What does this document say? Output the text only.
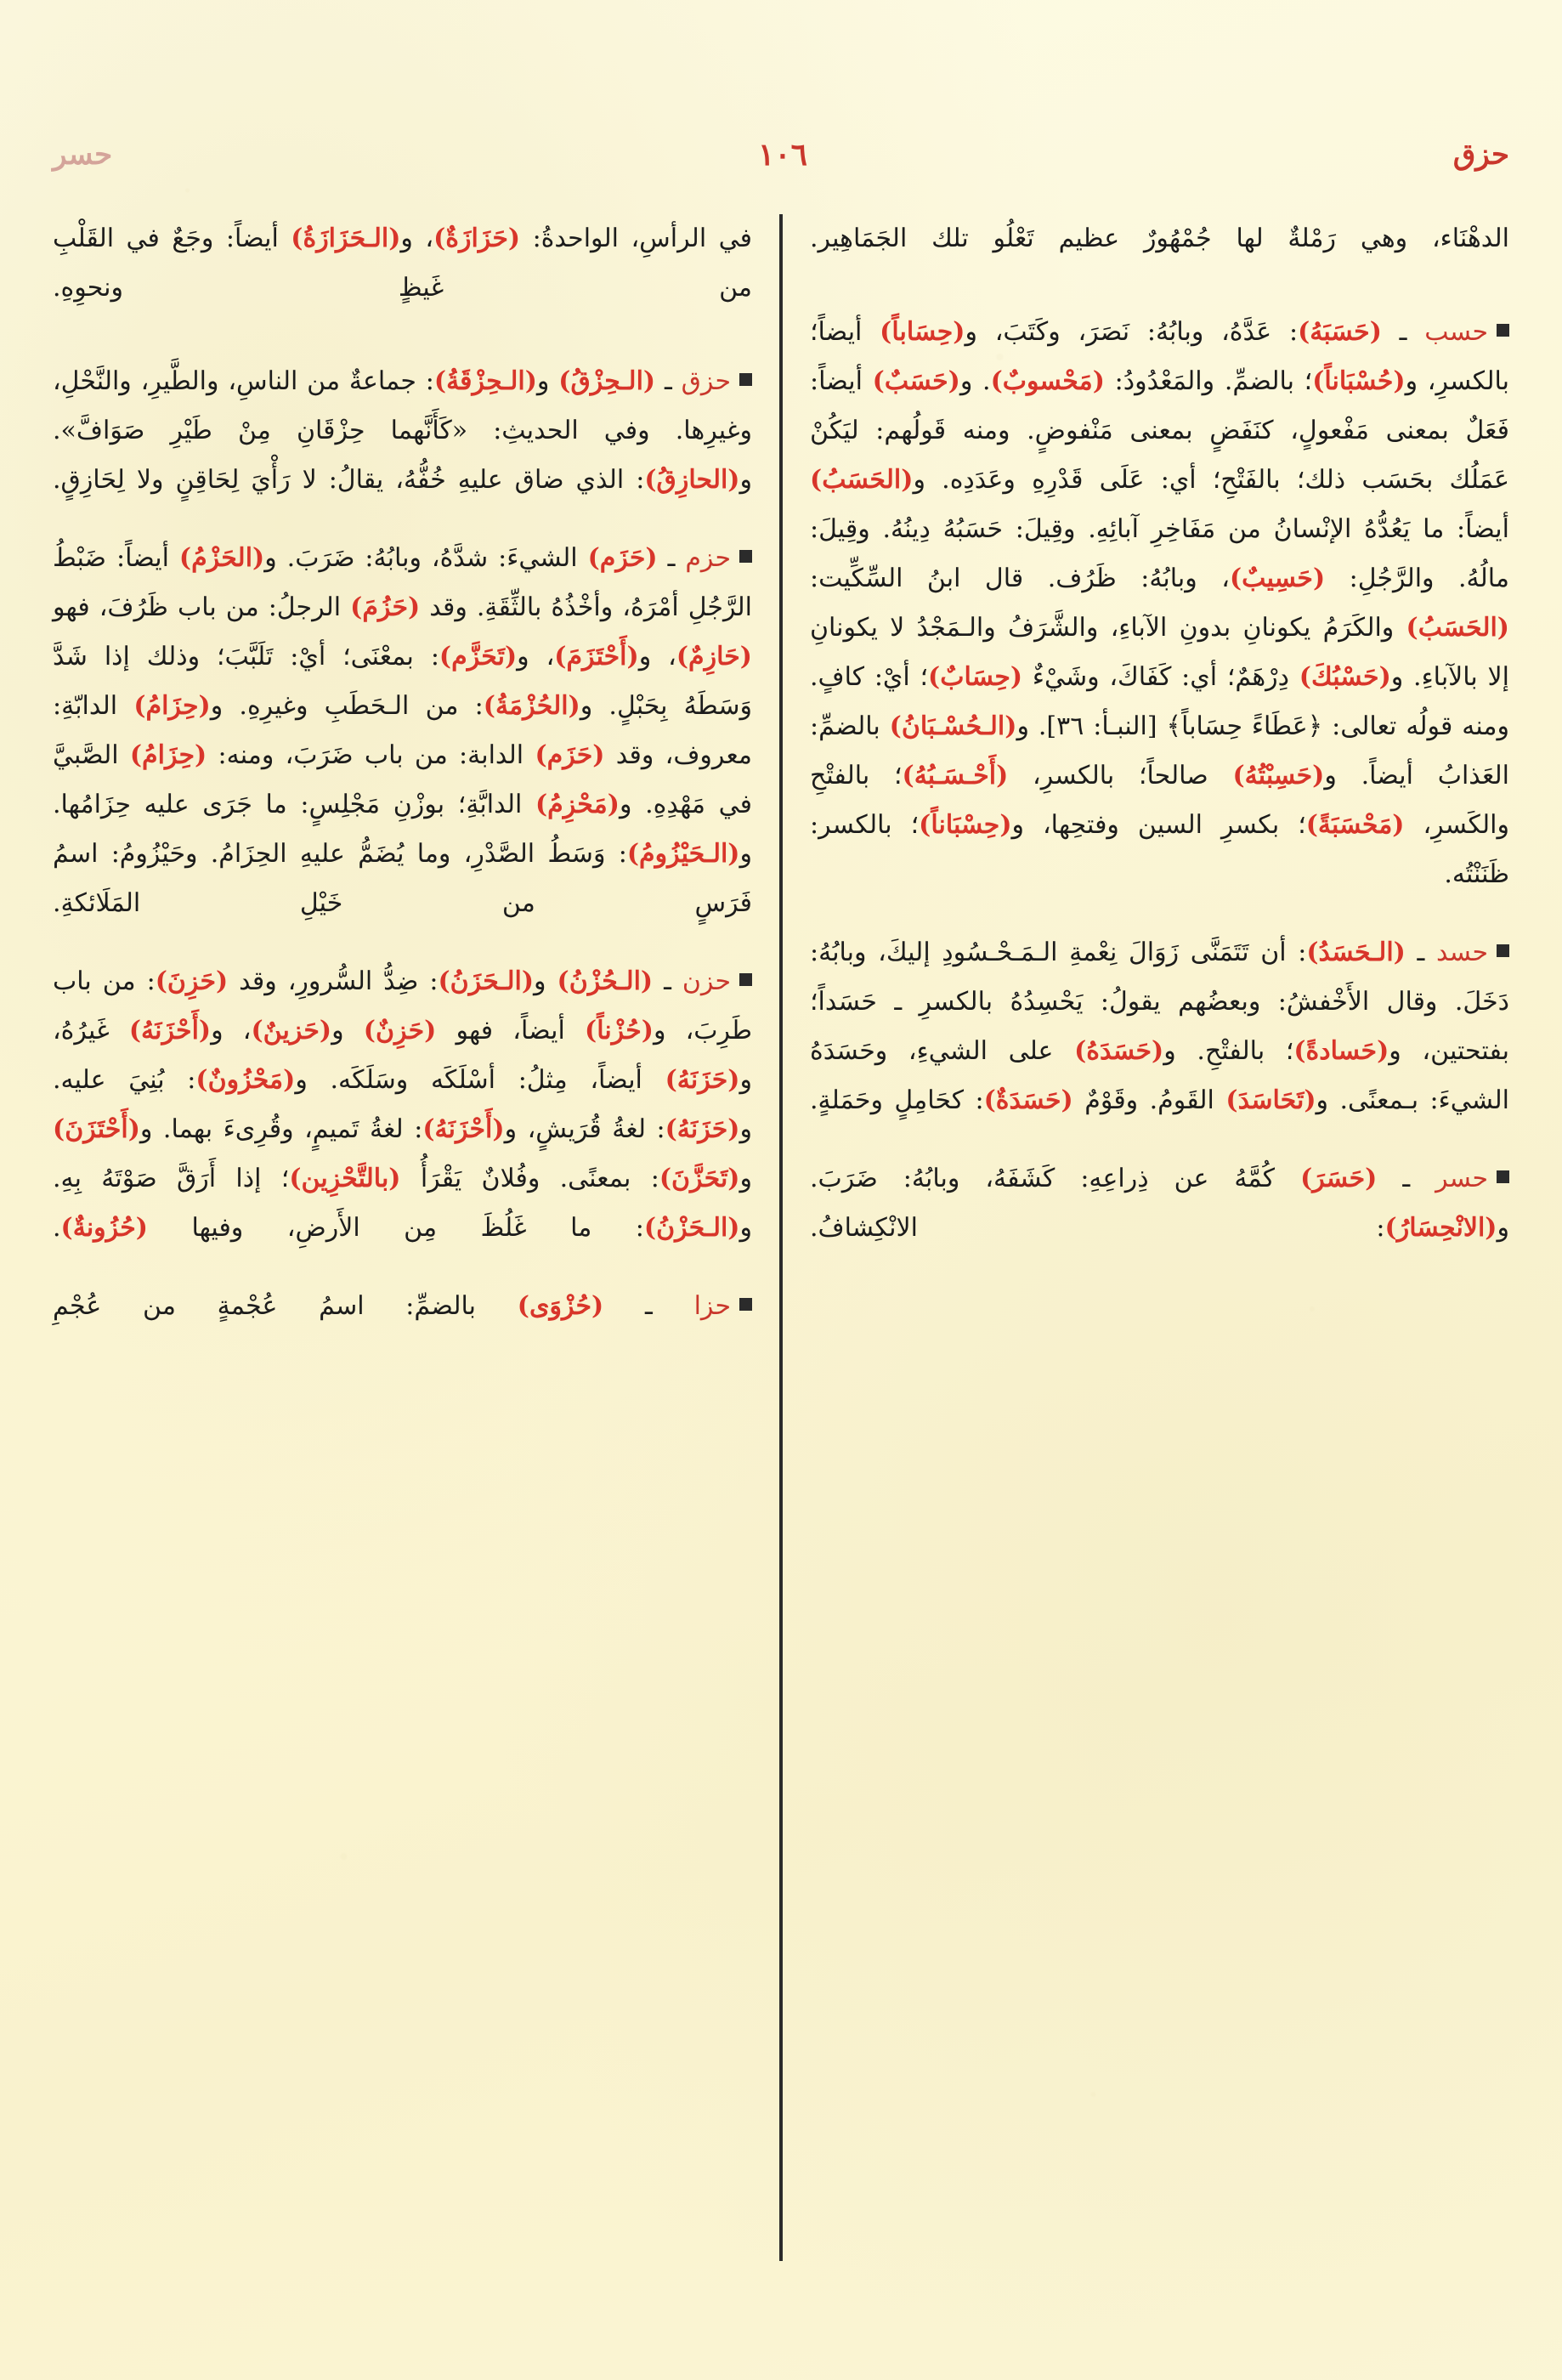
حزق
١٠٦
حسر

في الرأسِ، الواحدةُ: (حَزَازَةٌ)، و(الـحَزَازَةُ) أيضاً: وجَعٌ في القَلْبِ من غَيظٍ ونحوِهِ.

حزق ـ (الـحِزْقُ) و(الـحِزْقَةُ): جماعةٌ من الناسِ، والطَّيرِ، والنَّحْلِ، وغيرِها. وفي الحديثِ: «كَأَنَّهما حِزْقَانِ مِنْ طَيْرِ صَوَافَّ». و(الحازِقُ): الذي ضاق عليهِ خُفُّهُ، يقالُ: لا رَأْيَ لِحَاقِنٍ ولا لِحَازِقٍ.

حزم ـ (حَزَم) الشيءَ: شدَّهُ، وبابُهُ: ضَرَبَ. و(الحَزْمُ) أيضاً: ضَبْطُ الرَّجُلِ أمْرَهُ، وأخْذُهُ بالثِّقَةِ. وقد (حَزُمَ) الرجلُ: من باب ظَرُفَ، فهو (حَازِمٌ)، و(أَحْتَزَمَ)، و(تَحَزَّم): بمعْنَى؛ أيْ: تَلَبَّبَ؛ وذلك إذا شَدَّ وَسَطَهُ بِحَبْلٍ. و(الحُزْمَةُ): من الـحَطَبِ وغيرِهِ. و(حِزَامُ) الدابّةِ: معروف، وقد (حَزَم) الدابة: من باب ضَرَبَ، ومنه: (حِزَامُ) الصَّبيَّ في مَهْدِهِ. و(مَحْزِمُ) الدابَّةِ؛ بوزْنِ مَجْلِسٍ: ما جَرَى عليه حِزَامُها. و(الـحَيْزُومُ): وَسَطُ الصَّدْرِ، وما يُضَمُّ عليهِ الحِزَامُ. وحَيْزُومُ: اسمُ فَرَسٍ من خَيْلِ المَلَائكةِ.

حزن ـ (الـحُزْنُ) و(الـحَزَنُ): ضِدُّ السُّرورِ، وقد (حَزِنَ): من باب طَرِبَ، و(حُزْناً) أيضاً، فهو (حَزِنٌ) و(حَزينٌ)، و(أَحْزَنَهُ) غَيرُهُ، و(حَزَنَهُ) أيضاً، مِثلُ: أسْلَكَه وسَلَكَه. و(مَحْزُونٌ): بُنِيَ عليه. و(حَزَنَهُ): لغةُ قُرَيشٍ، و(أَحْزَنَهُ): لغةُ تَميمٍ، وقُرِىءَ بهما. و(أَحْتَزَنَ) و(تَحَزَّنَ): بمعنًى. وفُلانٌ يَقْرَأُ (بالتَّحْزِين)؛ إذا أَرَقَّ صَوْتَهُ بِهِ. و(الـحَزْنُ): ما غَلُظَ مِن الأَرضِ، وفيها (حُزُونةٌ).

حزا ـ (حُزْوَى) بالضمِّ: اسمُ عُجْمةٍ من عُجْمِ

الدهْنَاء، وهي رَمْلةٌ لها جُمْهُورٌ عظيم تَعْلُو تلك الجَمَاهِير.

حسب ـ (حَسَبَهُ): عَدَّهُ، وبابُهُ: نَصَرَ، وكَتَبَ، و(حِسَاباً) أيضاً؛ بالكسرِ، و(حُسْبَاناً)؛ بالضمِّ. والمَعْدُودُ: (مَحْسوبٌ). و(حَسَبٌ) أيضاً: فَعَلٌ بمعنى مَفْعولٍ، كنَفَضٍ بمعنى مَنْفوضٍ. ومنه قَولُهم: ليَكُنْ عَمَلُك بحَسَب ذلك؛ بالفَتْحِ؛ أي: عَلَى قَدْرِهِ وعَدَدِه. و(الحَسَبُ) أيضاً: ما يَعُدُّهُ الإنْسانُ من مَفَاخِرِ آبائِهِ. وقِيلَ: حَسَبُهُ دِينُهُ. وقِيلَ: مالُهُ. والرَّجُلِ: (حَسِيبٌ)، وبابُهُ: ظَرُف. قال ابنُ السِّكِّيت: (الحَسَبُ) والكَرَمُ يكونانِ بدونِ الآباءِ، والشَّرَفُ والـمَجْدُ لا يكونانِ إلا بالآباءِ. و(حَسْبُكَ) دِرْهَمٌ؛ أي: كَفَاكَ، وشَيْءٌ (حِسَابٌ)؛ أيْ: كافٍ. ومنه قولُه تعالى: ﴿عَطَاءً حِسَاباً﴾ [النبـأ: ٣٦]. و(الـحُسْـبَانُ) بالضمِّ: العَذابُ أيضاً. و(حَسِبْتُهُ) صالحاً؛ بالكسرِ، (أَحْـسَـبُهُ)؛ بالفتْحِ والكَسرِ، (مَحْسَبَةً)؛ بكسرِ السين وفتحِها، و(حِسْبَاناً)؛ بالكسر: ظَنَنْتُه.

حسد ـ (الـحَسَدُ): أن تَتَمَنَّى زَوَالَ نِعْمةِ الـمَـحْـسُودِ إليكَ، وبابُهُ: دَخَلَ. وقال الأَخْفشُ: وبعضُهم يقولُ: يَحْسِدُهُ بالكسرِ ـ حَسَداً؛ بفتحتين، و(حَسادةً)؛ بالفتْحِ. و(حَسَدَهُ) على الشيءِ، وحَسَدَهُ الشيءَ: بـمعنًى. و(تَحَاسَدَ) القَومُ. وقَوْمٌ (حَسَدَةٌ): كحَامِلٍ وحَمَلةٍ.

حسر ـ (حَسَرَ) كُمَّهُ عن ذِراعِهِ: كَشَفَهُ، وبابُهُ: ضَرَبَ. و(الانْحِسَارُ): الانْكِشافُ.
